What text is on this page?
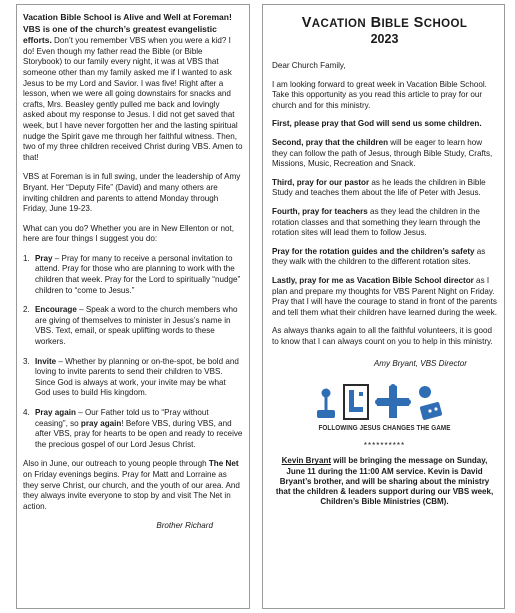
Vacation Bible School is Alive and Well at Foreman! VBS is one of the church’s greatest evangelistic efforts. Don’t you remember VBS when you were a kid? I do! Even though my father read the Bible (or Bible Storybook) to our family every night, it was at VBS that someone other than my family asked me if I wanted to ask Jesus to be my Lord and Savior. I was five! Right after a lesson, when we were all going downstairs for snacks and crafts, Mrs. Beasley gently pulled me back and lovingly asked about my response to Jesus. I did not get saved that week, but I have never forgotten her and the lasting spiritual nudge the Spirit gave me through her faithful witness. Then, two of my three children received Christ during VBS. Amen to that!

VBS at Foreman is in full swing, under the leadership of Amy Bryant. Her “Deputy Fife” (David) and many others are inviting children and parents to attend Monday through Friday, June 19-23.

What can you do? Whether you are in New Ellenton or not, here are four things I suggest you do:

1. Pray – Pray for many to receive a personal invitation to attend. Pray for those who are planning to work with the children that week. Pray for the Lord to spiritually “nudge” children to “come to Jesus.”
2. Encourage – Speak a word to the church members who are giving of themselves to minister in Jesus’s name in VBS. Text, email, or speak uplifting words to these workers.
3. Invite – Whether by planning or on-the-spot, be bold and loving to invite parents to send their children to VBS. Since God is always at work, your invite may be what God uses to build His kingdom.
4. Pray again – Our Father told us to “Pray without ceasing”, so pray again! Before VBS, during VBS, and after VBS, pray for hearts to be open and ready to receive the precious gospel of our Lord Jesus Christ.

Also in June, our outreach to young people through The Net on Friday evenings begins. Pray for Matt and Lorraine as they serve Christ, our church, and the youth of our area. And they always invite everyone to stop by and visit The Net in action.

Brother Richard
VACATION BIBLE SCHOOL
2023

Dear Church Family,

I am looking forward to great week in Vacation Bible School. Take this opportunity as you read this article to pray for our church and for this ministry.

First, please pray that God will send us some children.

Second, pray that the children will be eager to learn how they can follow the path of Jesus, through Bible Study, Crafts, Missions, Music, Recreation and Snack.

Third, pray for our pastor as he leads the children in Bible Study and teaches them about the life of Peter with Jesus.

Fourth, pray for teachers as they lead the children in the rotation classes and that something they learn through the rotation sites will lead them to follow Jesus.

Pray for the rotation guides and the children’s safety as they walk with the children to the different rotation sites.

Lastly, pray for me as Vacation Bible School director as I plan and prepare my thoughts for VBS Parent Night on Friday. Pray that I will have the courage to stand in front of the parents and tell them what their children have learned during the week.

As always thanks again to all the faithful volunteers, it is good to know that I can always count on you to help in this ministry.

Amy Bryant, VBS Director
FOLLOWING JESUS CHANGES THE GAME
**********
Kevin Bryant will be bringing the message on Sunday, June 11 during the 11:00 AM service. Kevin is David Bryant’s brother, and will be sharing about the ministry that the children & leaders support during our VBS week, Children’s Bible Ministries (CBM).
